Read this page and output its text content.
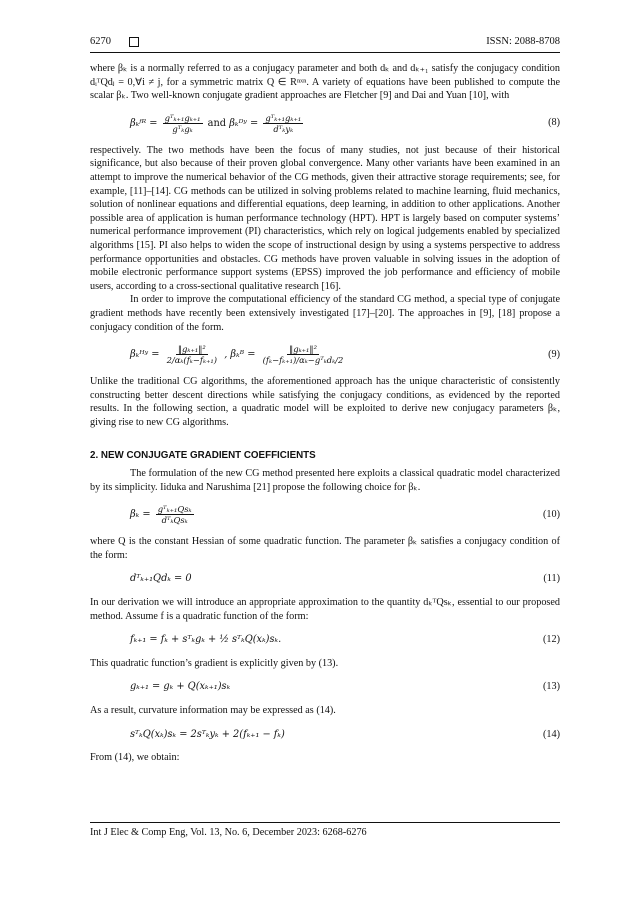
6270	ISSN: 2088-8708

where βₖ is a normally referred to as a conjugacy parameter and both dₖ and dₖ₊₁ satisfy the conjugacy condition dᵢᵀQdⱼ = 0,∀i ≠ j, for a symmetric matrix Q ∈ Rⁿˣⁿ. A variety of equations have been published to compute the scalar βₖ. Two well-known conjugate gradient approaches are Fletcher [9] and Dai and Yuan [10], with

βₖᶠᴿ = $\frac{\text{gᵀₖ₊₁gₖ₊₁}}{\text{gᵀₖgₖ}}$ and βₖᴰʸ = $\frac{\text{gᵀₖ₊₁gₖ₊₁}}{\text{dᵀₖyₖ}}$	(8)

respectively. The two methods have been the focus of many studies, not just because of their historical significance, but also because of their proven global convergence. Many other variants have been examined in an attempt to improve the numerical behavior of the CG methods, given their attractive storage requirements; see, for example, [11]–[14]. CG methods can be utilized in solving problems related to machine learning, fluid mechanics, solution of nonlinear equations and differential equations, deep learning, in addition to other applications. Another possible area of application is human performance technology (HPT). HPT is largely based on computer systems’ numerical performance improvement (PI) characteristics, which rely on logical judgements enabled by specialized algorithms [15]. PI also helps to widen the scope of instructional design by using a systems perspective to address performance opportunities and obstacles. CG methods have proven valuable in solving issues in the adoption of mobile electronic performance support systems (EPSS) improved the job performance and efficiency of mobile users, according to a cross-sectional qualitative research [16].

In order to improve the computational efficiency of the standard CG method, a special type of conjugate gradient methods have recently been extensively investigated [17]–[20]. The approaches in [9], [18] propose a conjugacy condition of the form.

βₖᴴʸ = $\frac{\text{‖gₖ₊₁‖²}}{\text{2/αₖ(fₖ−fₖ₊₁)}}$ , βₖᴮ = $\frac{\text{‖gₖ₊₁‖²}}{\text{(fₖ−fₖ₊₁)/αₖ−gᵀₖdₖ/2}}$	(9)

Unlike the traditional CG algorithms, the aforementioned approach has the unique characteristic of consistently constructing better descent directions while satisfying the conjugacy conditions, as evidenced by the reported results. In the following section, a quadratic model will be exploited to derive new conjugacy parameters βₖ, giving rise to new CG algorithms.

2. NEW CONJUGATE GRADIENT COEFFICIENTS

The formulation of the new CG method presented here exploits a classical quadratic model characterized by its simplicity. Iiduka and Narushima [21] propose the following choice for βₖ.

$\beta_k = \frac{\text{gᵀₖ₊₁Qsₖ}}{\text{dᵀₖQsₖ}}$	(10)

where Q is the constant Hessian of some quadratic function. The parameter βₖ satisfies a conjugacy condition of the form:

dᵀₖ₊₁Qdₖ = 0	(11)

In our derivation we will introduce an appropriate approximation to the quantity dₖᵀQsₖ, essential to our proposed method. Assume f is a quadratic function of the form:

fₖ₊₁ = fₖ + sᵀₖgₖ + ½ sᵀₖQ(xₖ)sₖ.	(12)

This quadratic function’s gradient is explicitly given by (13).

gₖ₊₁ = gₖ + Q(xₖ₊₁)sₖ	(13)

As a result, curvature information may be expressed as (14).

sᵀₖQ(xₖ)sₖ = 2sᵀₖyₖ + 2(fₖ₊₁ − fₖ)	(14)

From (14), we obtain:

Int J Elec & Comp Eng, Vol. 13, No. 6, December 2023: 6268-6276
